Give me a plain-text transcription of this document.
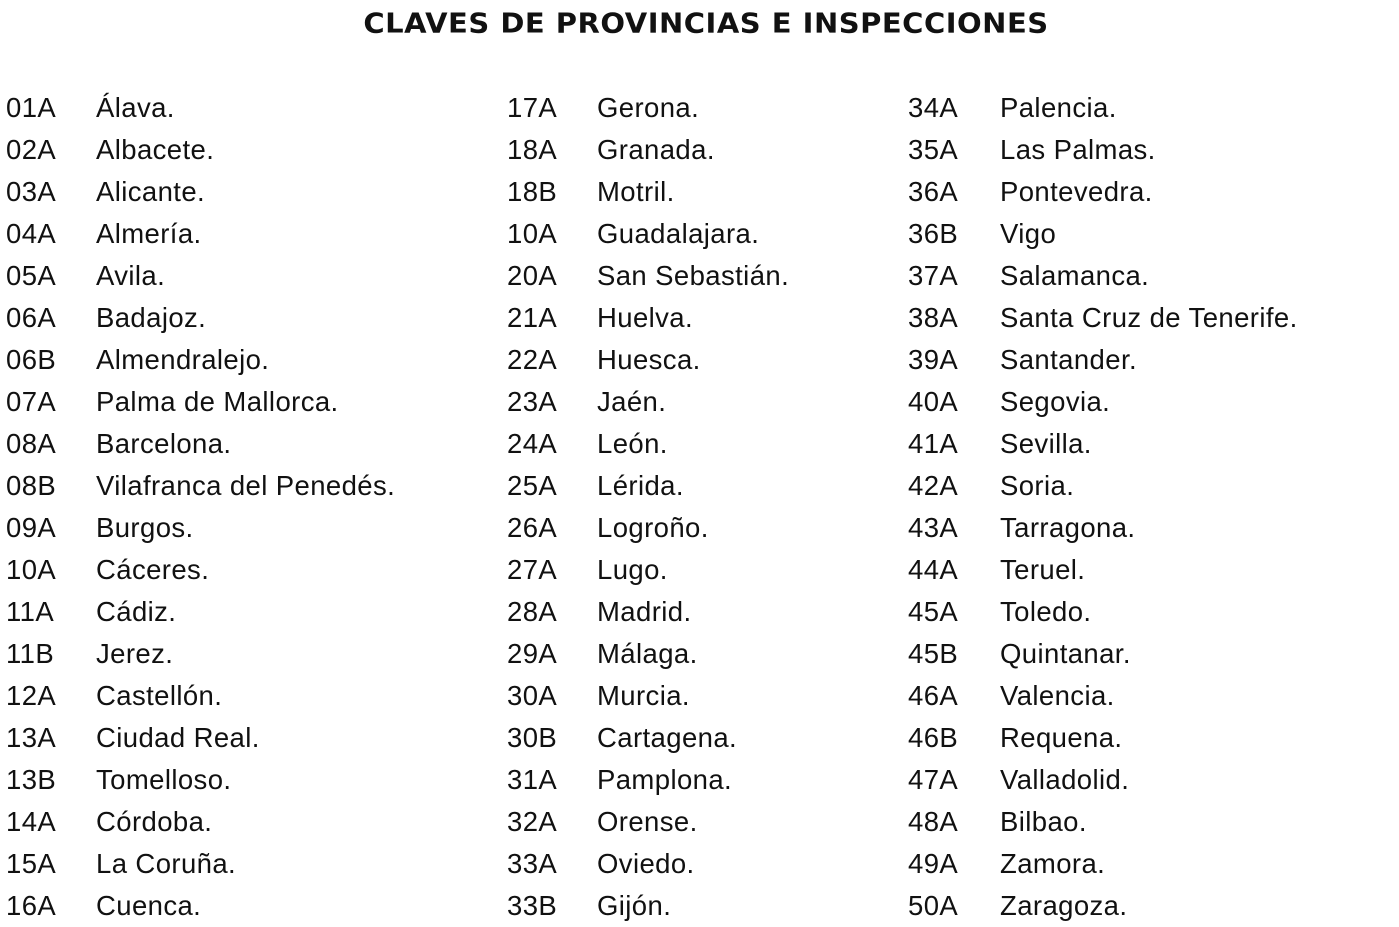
CLAVES DE PROVINCIAS E INSPECCIONES
01A Álava.
02A Albacete.
03A Alicante.
04A Almería.
05A Avila.
06A Badajoz.
06B Almendralejo.
07A Palma de Mallorca.
08A Barcelona.
08B Vilafranca del Penedés.
09A Burgos.
10A Cáceres.
11A Cádiz.
11B Jerez.
12A Castellón.
13A Ciudad Real.
13B Tomelloso.
14A Córdoba.
15A La Coruña.
16A Cuenca.
17A Gerona.
18A Granada.
18B Motril.
10A Guadalajara.
20A San Sebastián.
21A Huelva.
22A Huesca.
23A Jaén.
24A León.
25A Lérida.
26A Logroño.
27A Lugo.
28A Madrid.
29A Málaga.
30A Murcia.
30B Cartagena.
31A Pamplona.
32A Orense.
33A Oviedo.
33B Gijón.
34A Palencia.
35A Las Palmas.
36A Pontevedra.
36B Vigo
37A Salamanca.
38A Santa Cruz de Tenerife.
39A Santander.
40A Segovia.
41A Sevilla.
42A Soria.
43A Tarragona.
44A Teruel.
45A Toledo.
45B Quintanar.
46A Valencia.
46B Requena.
47A Valladolid.
48A Bilbao.
49A Zamora.
50A Zaragoza.
